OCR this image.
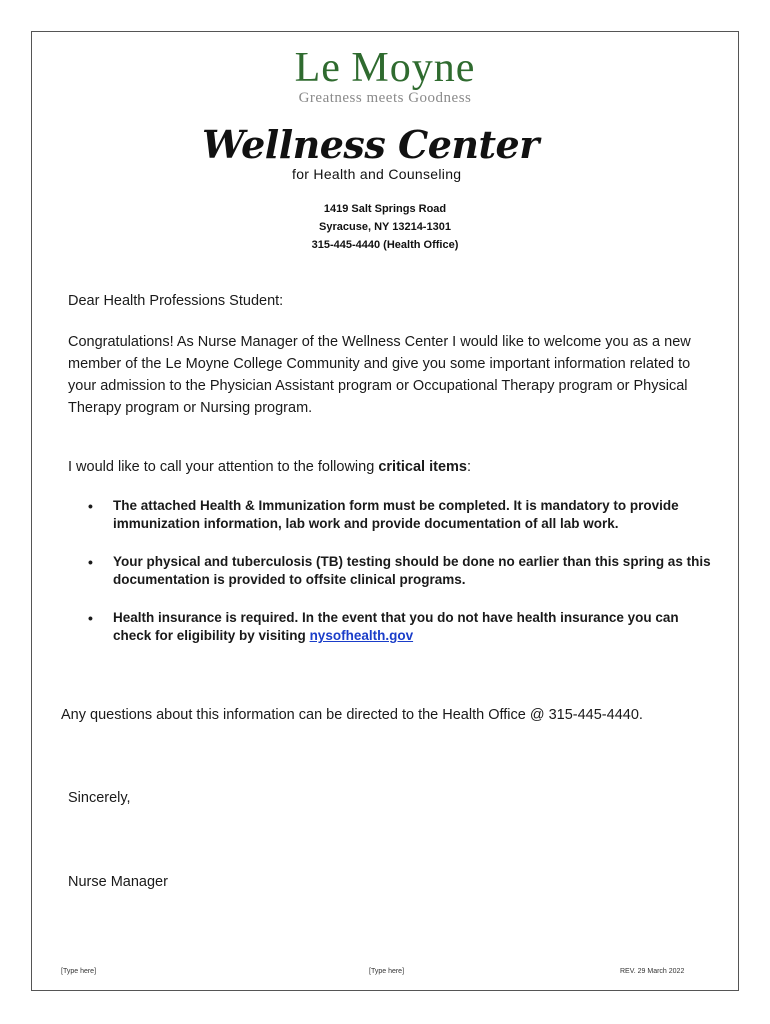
Le Moyne
Greatness meets Goodness
Wellness Center
for Health and Counseling
1419 Salt Springs Road
Syracuse, NY 13214-1301
315-445-4440 (Health Office)
Dear Health Professions Student:
Congratulations! As Nurse Manager of the Wellness Center I would like to welcome you as a new member of the Le Moyne College Community and give you some important information related to your admission to the Physician Assistant program or Occupational Therapy program or Physical Therapy program or Nursing program.
I would like to call your attention to the following critical items:
• The attached Health & Immunization form must be completed. It is mandatory to provide immunization information, lab work and provide documentation of all lab work.
• Your physical and tuberculosis (TB) testing should be done no earlier than this spring as this documentation is provided to offsite clinical programs.
• Health insurance is required. In the event that you do not have health insurance you can check for eligibility by visiting nysofhealth.gov
Any questions about this information can be directed to the Health Office @ 315-445-4440.
Sincerely,
Nurse Manager
[Type here]	[Type here]	REV. 29 March 2022
